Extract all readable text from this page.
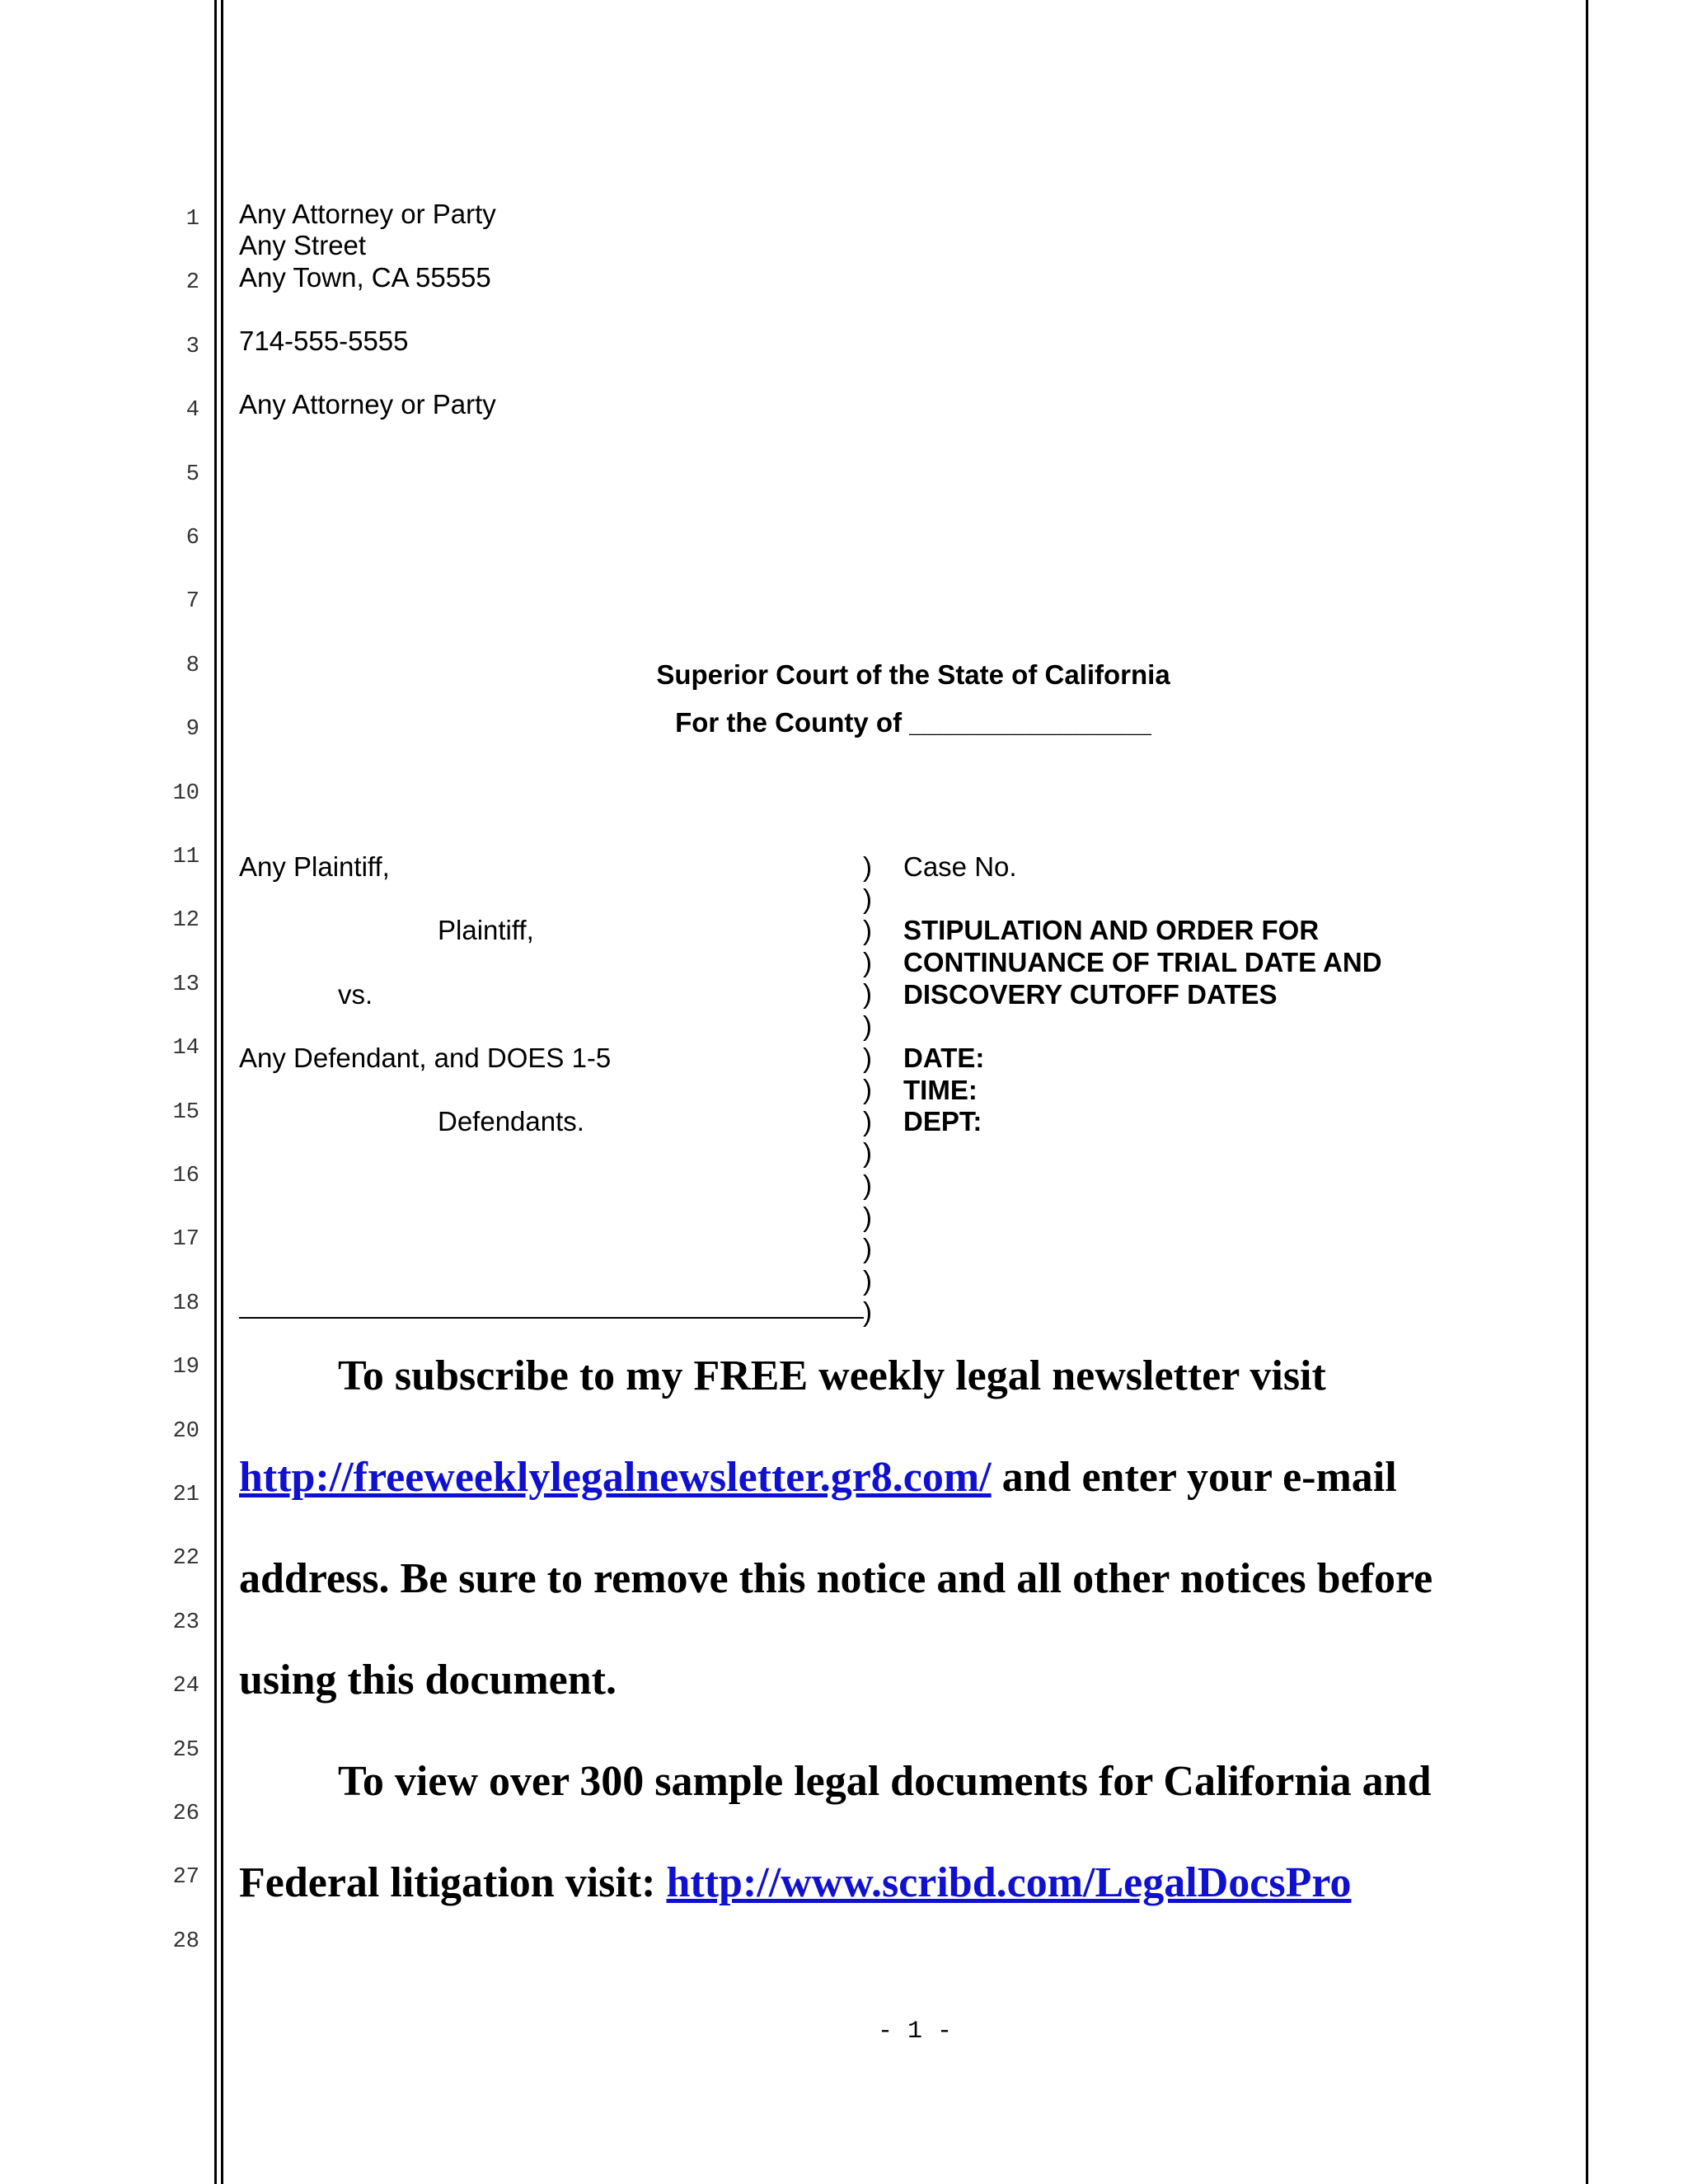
1
2
3
4
5
6
7
8
9
10
11
12
13
14
15
16
17
18
19
20
21
22
23
24
25
26
27
28
Any Attorney or Party
Any Street
Any Town, CA 55555
714-555-5555
Any Attorney or Party
Superior Court of the State of California
For the County of ________________
Any Plaintiff,
Plaintiff,
vs.
Any Defendant, and DOES 1-5
Defendants.
)
)
)
)
)
)
)
)
)
)
)
)
)
)
)
Case No.
STIPULATION AND ORDER FOR
CONTINUANCE OF TRIAL DATE AND
DISCOVERY CUTOFF DATES
DATE:
TIME:
DEPT:
To subscribe to my FREE weekly legal newsletter visit
http://freeweeklylegalnewsletter.gr8.com/ and enter your e-mail
address. Be sure to remove this notice and all other notices before
using this document.
To view over 300 sample legal documents for California and
Federal litigation visit: http://www.scribd.com/LegalDocsPro
- 1 -
